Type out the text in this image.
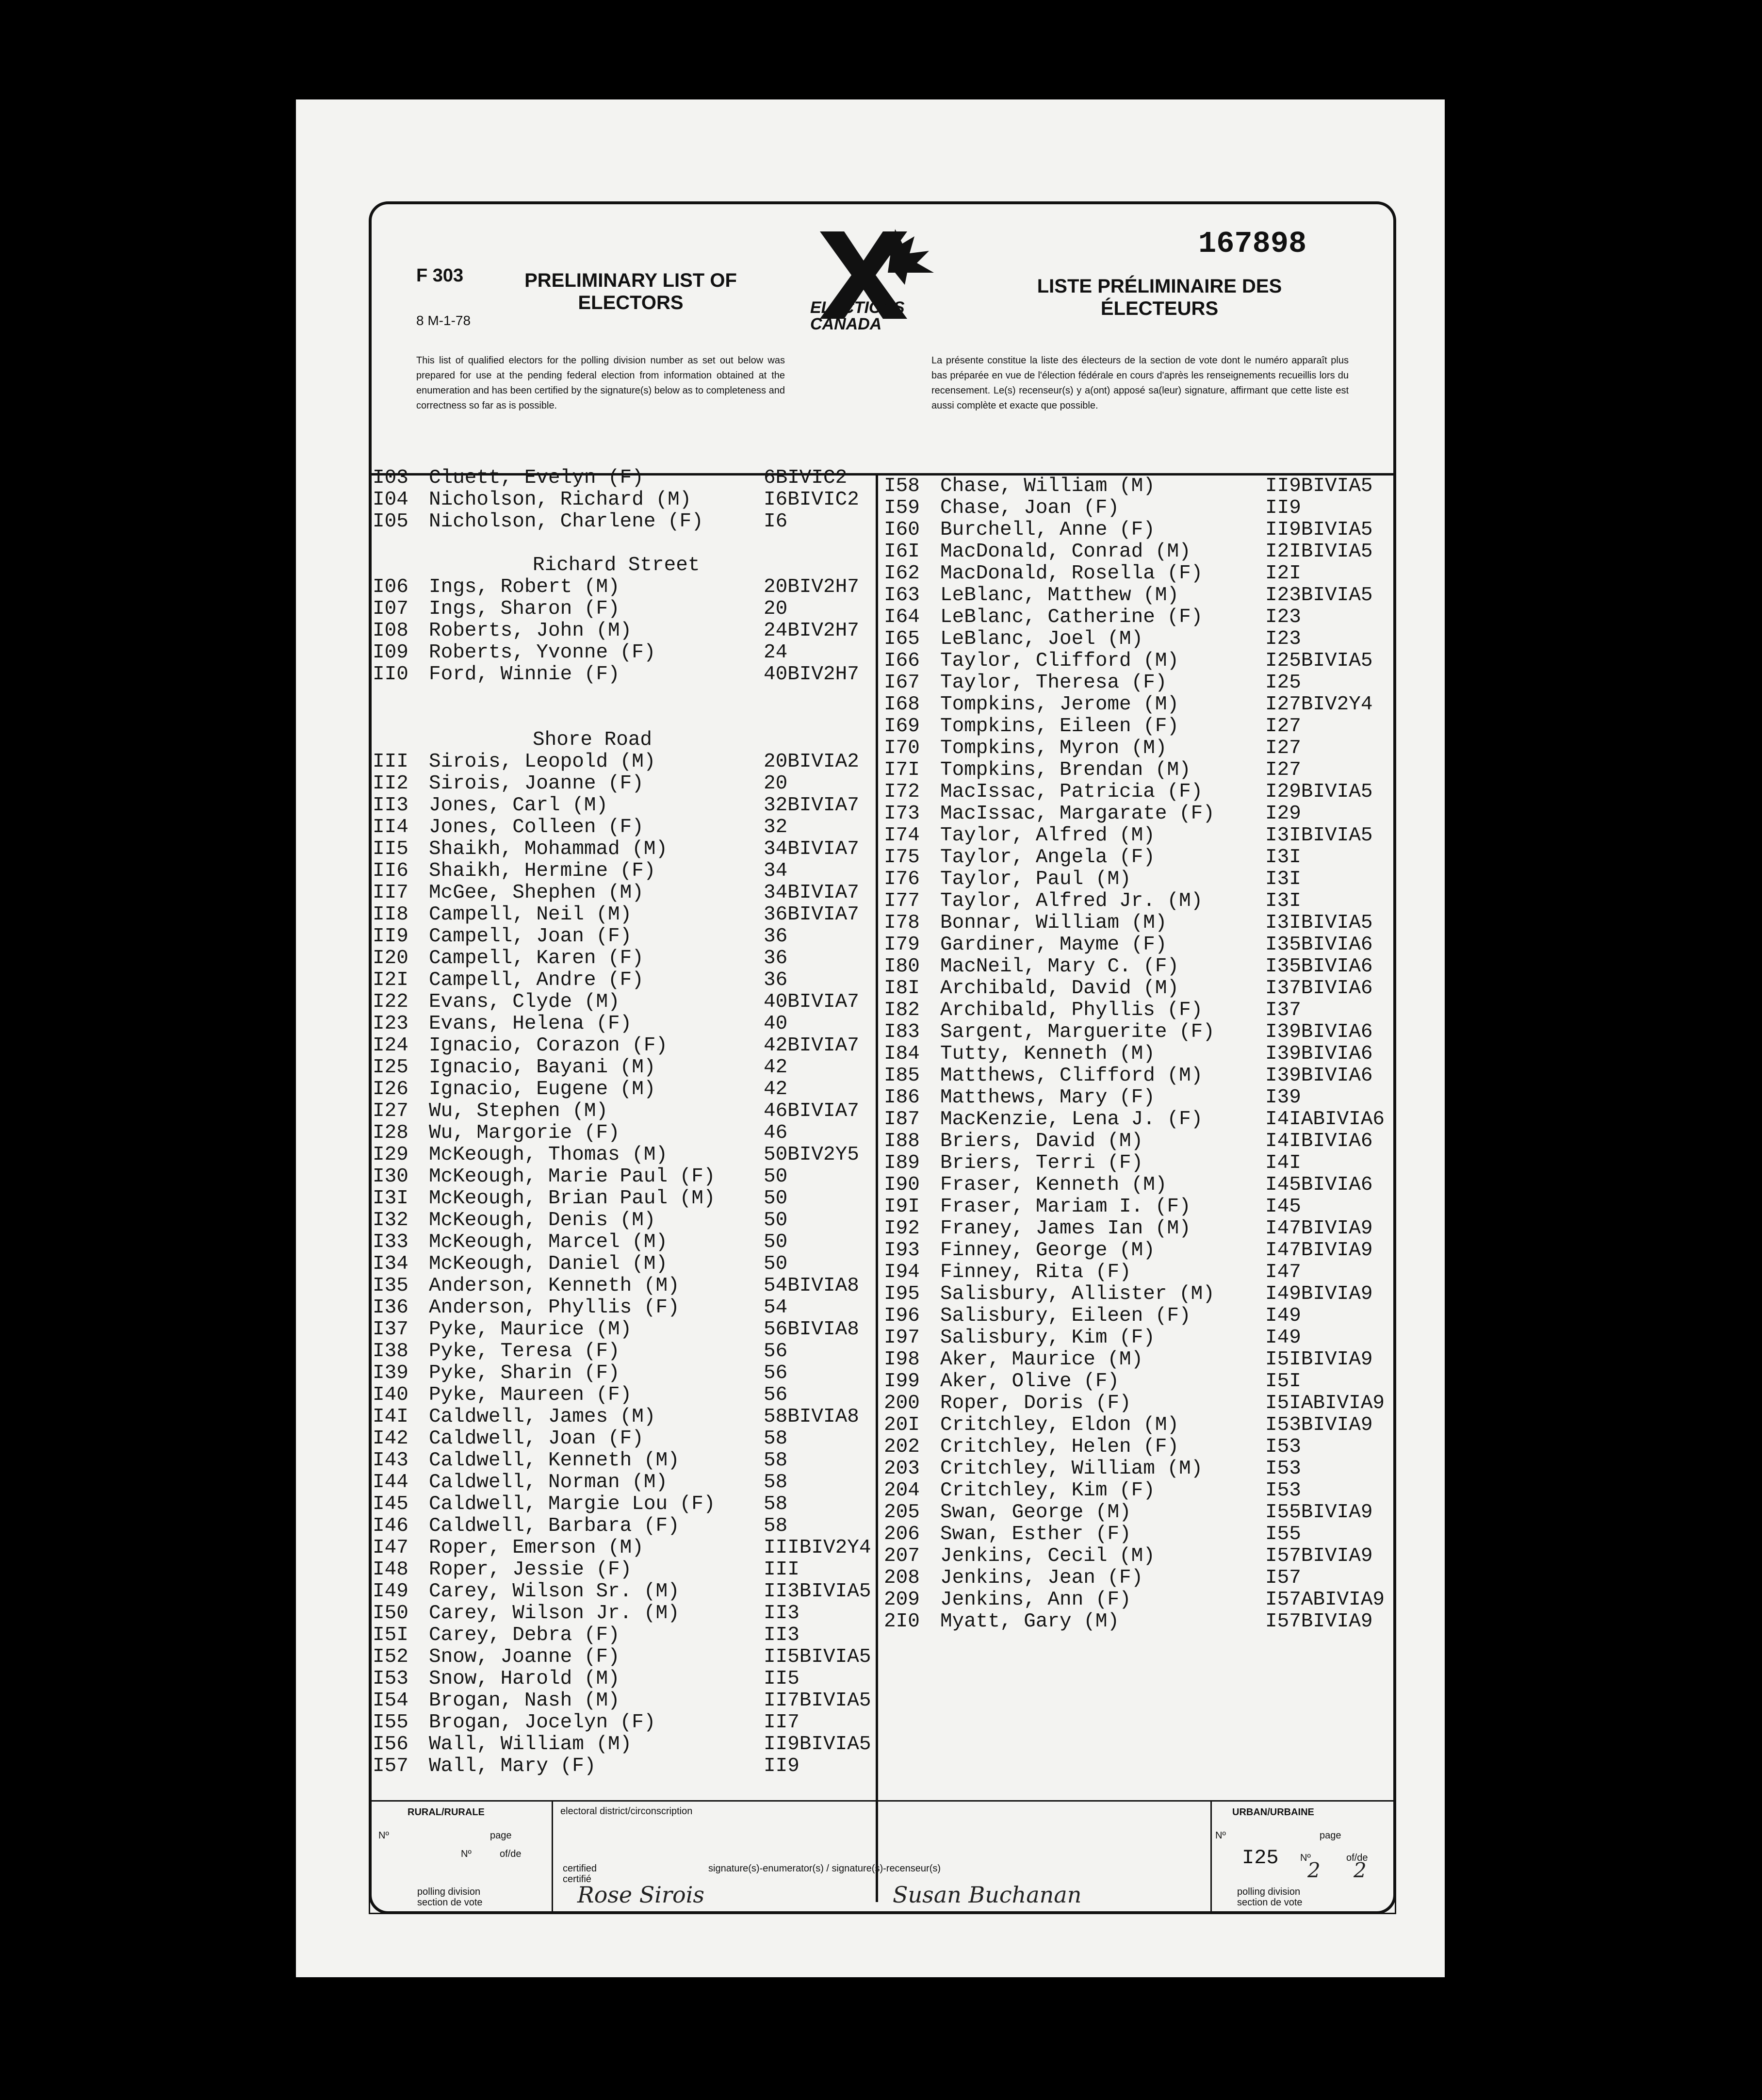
F 303
8 M-1-78
PRELIMINARY LIST OF ELECTORS	ELECTIONS CANADA
LISTE PRÉLIMINAIRE DES ÉLECTEURS
167898
This list of qualified electors for the polling division number as set out below was prepared for use at the pending federal election from information obtained at the enumeration and has been certified by the signature(s) below as to completeness and correctness so far as is possible.
La présente constitue la liste des électeurs de la section de vote dont le numéro apparaît plus bas préparée en vue de l'élection fédérale en cours d'après les renseignements recueillis lors du recensement. Le(s) recenseur(s) y a(ont) apposé sa(leur) signature, affirmant que cette liste est aussi complète et exacte que possible.
I03	Cluett, Evelyn (F)	6BIVIC2
I04	Nicholson, Richard (M)	I6BIVIC2
I05	Nicholson, Charlene (F)	I6
Richard Street
I06	Ings, Robert (M)	20BIV2H7
I07	Ings, Sharon (F)	20
I08	Roberts, John (M)	24BIV2H7
I09	Roberts, Yvonne (F)	24
II0	Ford, Winnie (F)	40BIV2H7
Shore Road
III	Sirois, Leopold (M)	20BIVIA2
II2	Sirois, Joanne (F)	20
II3	Jones, Carl (M)	32BIVIA7
II4	Jones, Colleen (F)	32
II5	Shaikh, Mohammad (M)	34BIVIA7
II6	Shaikh, Hermine (F)	34
II7	McGee, Shephen (M)	34BIVIA7
II8	Campell, Neil (M)	36BIVIA7
II9	Campell, Joan (F)	36
I20	Campell, Karen (F)	36
I2I	Campell, Andre (F)	36
I22	Evans, Clyde (M)	40BIVIA7
I23	Evans, Helena (F)	40
I24	Ignacio, Corazon (F)	42BIVIA7
I25	Ignacio, Bayani (M)	42
I26	Ignacio, Eugene (M)	42
I27	Wu, Stephen (M)	46BIVIA7
I28	Wu, Margorie (F)	46
I29	McKeough, Thomas (M)	50BIV2Y5
I30	McKeough, Marie Paul (F)	50
I3I	McKeough, Brian Paul (M)	50
I32	McKeough, Denis (M)	50
I33	McKeough, Marcel (M)	50
I34	McKeough, Daniel (M)	50
I35	Anderson, Kenneth (M)	54BIVIA8
I36	Anderson, Phyllis (F)	54
I37	Pyke, Maurice (M)	56BIVIA8
I38	Pyke, Teresa (F)	56
I39	Pyke, Sharin (F)	56
I40	Pyke, Maureen (F)	56
I4I	Caldwell, James (M)	58BIVIA8
I42	Caldwell, Joan (F)	58
I43	Caldwell, Kenneth (M)	58
I44	Caldwell, Norman (M)	58
I45	Caldwell, Margie Lou (F)	58
I46	Caldwell, Barbara (F)	58
I47	Roper, Emerson (M)	IIIBIV2Y4
I48	Roper, Jessie (F)	III
I49	Carey, Wilson Sr. (M)	II3BIVIA5
I50	Carey, Wilson Jr. (M)	II3
I5I	Carey, Debra (F)	II3
I52	Snow, Joanne (F)	II5BIVIA5
I53	Snow, Harold (M)	II5
I54	Brogan, Nash (M)	II7BIVIA5
I55	Brogan, Jocelyn (F)	II7
I56	Wall, William (M)	II9BIVIA5
I57	Wall, Mary (F)	II9
I58	Chase, William (M)	II9BIVIA5
I59	Chase, Joan (F)	II9
I60	Burchell, Anne (F)	II9BIVIA5
I6I	MacDonald, Conrad (M)	I2IBIVIA5
I62	MacDonald, Rosella (F)	I2I
I63	LeBlanc, Matthew (M)	I23BIVIA5
I64	LeBlanc, Catherine (F)	I23
I65	LeBlanc, Joel (M)	I23
I66	Taylor, Clifford (M)	I25BIVIA5
I67	Taylor, Theresa (F)	I25
I68	Tompkins, Jerome (M)	I27BIV2Y4
I69	Tompkins, Eileen (F)	I27
I70	Tompkins, Myron (M)	I27
I7I	Tompkins, Brendan (M)	I27
I72	MacIssac, Patricia (F)	I29BIVIA5
I73	MacIssac, Margarate (F)	I29
I74	Taylor, Alfred (M)	I3IBIVIA5
I75	Taylor, Angela (F)	I3I
I76	Taylor, Paul (M)	I3I
I77	Taylor, Alfred Jr. (M)	I3I
I78	Bonnar, William (M)	I3IBIVIA5
I79	Gardiner, Mayme (F)	I35BIVIA6
I80	MacNeil, Mary C. (F)	I35BIVIA6
I8I	Archibald, David (M)	I37BIVIA6
I82	Archibald, Phyllis (F)	I37
I83	Sargent, Marguerite (F)	I39BIVIA6
I84	Tutty, Kenneth (M)	I39BIVIA6
I85	Matthews, Clifford (M)	I39BIVIA6
I86	Matthews, Mary (F)	I39
I87	MacKenzie, Lena J. (F)	I4IABIVIA6
I88	Briers, David (M)	I4IBIVIA6
I89	Briers, Terri (F)	I4I
I90	Fraser, Kenneth (M)	I45BIVIA6
I9I	Fraser, Mariam I. (F)	I45
I92	Franey, James Ian (M)	I47BIVIA9
I93	Finney, George (M)	I47BIVIA9
I94	Finney, Rita (F)	I47
I95	Salisbury, Allister (M)	I49BIVIA9
I96	Salisbury, Eileen (F)	I49
I97	Salisbury, Kim (F)	I49
I98	Aker, Maurice (M)	I5IBIVIA9
I99	Aker, Olive (F)	I5I
200	Roper, Doris (F)	I5IABIVIA9
20I	Critchley, Eldon (M)	I53BIVIA9
202	Critchley, Helen (F)	I53
203	Critchley, William (M)	I53
204	Critchley, Kim (F)	I53
205	Swan, George (M)	I55BIVIA9
206	Swan, Esther (F)	I55
207	Jenkins, Cecil (M)	I57BIVIA9
208	Jenkins, Jean (F)	I57
209	Jenkins, Ann (F)	I57ABIVIA9
2I0	Myatt, Gary (M)	I57BIVIA9
RURAL/RURALE
Nº	page
Nº	of/de
polling division section de vote
electoral district/circonscription
certified certifié
signature(s)-enumerator(s) / signature(s)-recenseur(s)
URBAN/URBAINE
Nº	page
I25 Nº	of/de
2 2
polling division section de vote
Rose Sirois	Susan Buchanan
